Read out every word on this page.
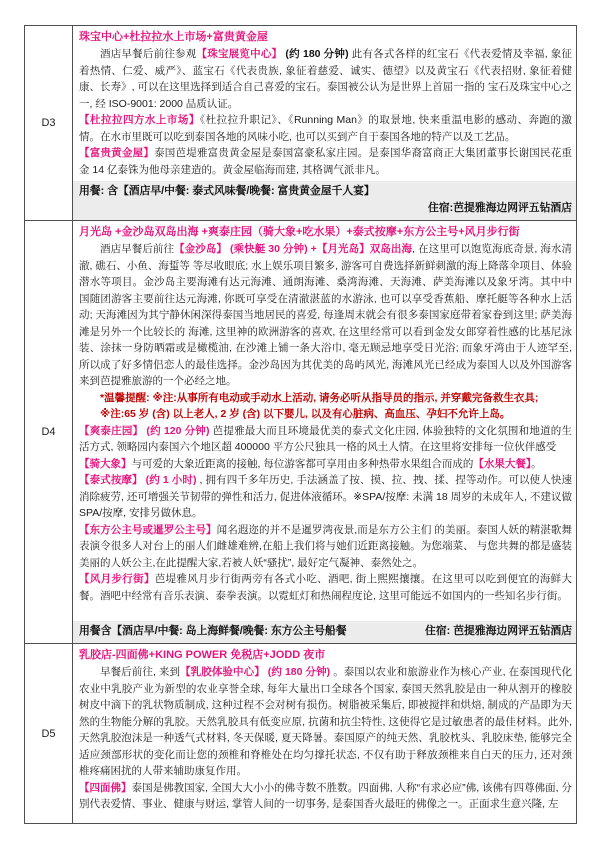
D3
珠宝中心+杜拉拉水上市场+富贵黄金屋
酒店早餐后前往参观【珠宝展览中心】 (约 180 分钟) 此有各式各样的红宝石《代表爱情及幸福, 象征 着热情、仁爱、威严》、蓝宝石《代表贵族, 象征着慈爱、诚实、德望》以及黄宝石《代表招财, 象征着健康、长寿》, 可以在这里选择到适合自己喜爱的宝石。泰国被公认为是世界上首屈一指的 宝石及珠宝中心之一, 经 ISO-9001: 2000 品质认证。
【杜拉拉四方水上市场】《杜拉拉升职记》、《Running Man》的取景地, 快来重温电影的感动、奔跑的激情。在水市里既可以吃到泰国各地的风味小吃, 也可以买到产自于泰国各地的特产以及工艺品。
【富贵黄金屋】泰国芭堤雅富贵黄金屋是泰国富豪私家庄园。是泰国华裔富商正大集团董事长谢国民花重金 14 亿泰铢为他母亲建造的。黄金屋临海而建, 其格调气派非凡。
用餐: 含【酒店早/中餐: 泰式风味餐/晚餐: 富贵黄金屋千人宴】
住宿:芭提雅海边网评五钻酒店
D4
月光岛 +金沙岛双岛出海 +爽泰庄园（骑大象+吃水果）+泰式按摩+东方公主号+风月步行街
酒店早餐后前往【金沙岛】 (乘快艇 30 分钟) +【月光岛】双岛出海, 在这里可以饱览海底奇景, 海水清澈, 礁石、小鱼、海蜇等 等尽收眼底; 水上娱乐项目繁多, 游客可自费选择新鲜刺激的海上降落伞项目、体验潜水等项目。金沙岛主要海滩有达元海滩、通朗海滩、桑湾海滩、天海滩、萨美海滩以及象牙湾。其中中国随团游客主要前往达元海滩, 你既可享受在清澈湛蓝的水游泳, 也可以享受香蕉船、摩托艇等各种水上活动; 天海滩因为其宁静休闲深得泰国当地居民的喜爱, 每逢周末就会有很多泰国家庭带着家眷到这里; 萨美海滩是另外一个比较长的 海滩, 这里神的欧洲游客的喜欢, 在这里经常可以看到金发女郎穿着性感的比基尼泳装、涂抹一身防晒霜或是橄榄油, 在沙滩上铺一条大浴巾, 毫无顾忌地享受日光浴; 而象牙湾由于人迹罕至, 所以成了好多情侣恋人的最佳选择。金沙岛因为其优美的岛屿风光, 海滩风光已经成为泰国人以及外国游客来到芭提雅旅游的一个必经之地。
*温馨提醒: ※注:从事所有电动或手动水上活动, 请务必听从指导员的指示, 并穿戴完备救生衣具;
※注:65 岁 (含) 以上老人, 2 岁 (含) 以下婴儿, 以及有心脏病、高血压、孕妇不允许上岛。
【爽泰庄园】 (约 120 分钟) 芭提雅最大而且环境最优美的泰式文化庄园, 体验独特的文化氛围和地道的生活方式, 领略园内泰国六个地区超 400000 平方公尺独具一格的风土人情。在这里将安排每一位伙伴感受
【骑大象】与可爱的大象近距离的接触, 每位游客都可享用由多种热带水果组合而成的【水果大餐】。
【泰式按摩】 (约 1 小时) , 拥有四千多年历史, 手法涵盖了按、摸、拉、拽、揉、捏等动作。可以使人快速消除疲劳, 还可增强关节韧带的弹性和活力, 促进体液循环。※SPA/按摩: 未满 18 周岁的未成年人, 不建议做 SPA/按摩, 安排另做休息。
【东方公主号或暹罗公主号】闻名遐迩的并不是暹罗湾夜景,而是东方公主们 的美丽。泰国人妖的精湛歌舞表演令很多人对台上的丽人们雌雄难辨,在船上我们将与她们近距离接触。为您端菜、 与您共舞的都是盛装美丽的人妖公主,在此提醒大家,若被人妖“骚扰”, 最好定气凝神、泰然处之。
【风月步行街】芭堤雅风月步行街两旁有各式小吃、酒吧, 街上熙熙攘攘。在这里可以吃到便宜的海鲜大餐。酒吧中经常有音乐表演、泰拳表演。以霓虹灯和热闹程度论, 这里可能远不如国内的一些知名步行街。
用餐含【酒店早/中餐: 岛上海鲜餐/晚餐: 东方公主号船餐	住宿: 芭提雅海边网评五钻酒店
D5
乳胶店-四面佛+KING POWER 免税店+JODD 夜市
早餐后前往, 来到【乳胶体验中心】 (约 180 分钟) 。泰国以农业和旅游业作为核心产业, 在泰国现代化农业中乳胶产业为新型的农业享誉全球, 每年大量出口全球各个国家, 泰国天然乳胶是由一种从割开的橡胶树皮中滴下的乳状物质制成, 这种过程不会对树有损伤。树脂被采集后, 即被搅拌和烘焙, 制成的产品即为天然的生物能分解的乳胶。天然乳胶具有低变应原, 抗菌和抗尘特性, 这使得它是过敏患者的最佳材料。此外, 天然乳胶泡沫是一种透气式材料, 冬天保暖, 夏天降暑。泰国原产的纯天然、乳胶枕头、乳胶床垫, 能够完全适应颈部形状的变化而让您的颈椎和脊椎处在均匀撑托状态, 不仅有助于释放颈椎来自白天的压力, 还对颈椎疼痛困扰的人带来辅助康复作用。
【四面佛】泰国是佛教国家, 全国大大小小的佛寺数不胜数。四面佛, 人称“有求必应”佛, 该佛有四尊佛面, 分别代表爱情、事业、健康与财运, 掌管人间的一切事务, 是泰国香火最旺的佛像之一。正面求生意兴隆, 左
